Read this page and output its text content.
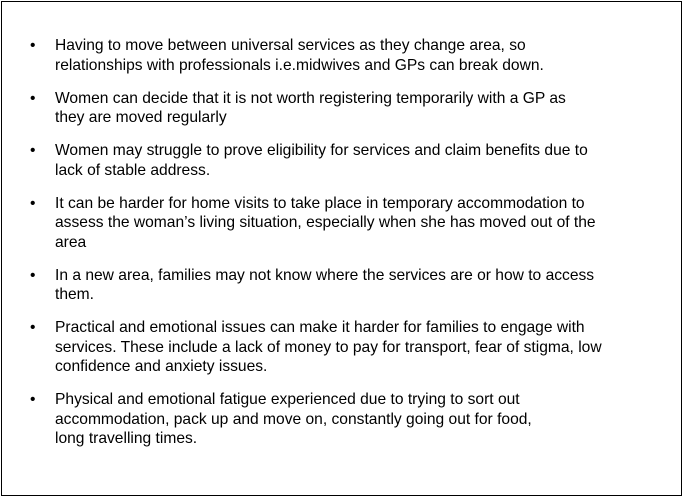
• Having to move between universal services as they change area, so
relationships with professionals i.e.midwives and GPs can break down.
• Women can decide that it is not worth registering temporarily with a GP as
they are moved regularly
• Women may struggle to prove eligibility for services and claim benefits due to
lack of stable address.
• It can be harder for home visits to take place in temporary accommodation to
assess the woman’s living situation, especially when she has moved out of the
area
• In a new area, families may not know where the services are or how to access
them.
• Practical and emotional issues can make it harder for families to engage with
services. These include a lack of money to pay for transport, fear of stigma, low
confidence and anxiety issues.
• Physical and emotional fatigue experienced due to trying to sort out
accommodation, pack up and move on, constantly going out for food,
long travelling times.
